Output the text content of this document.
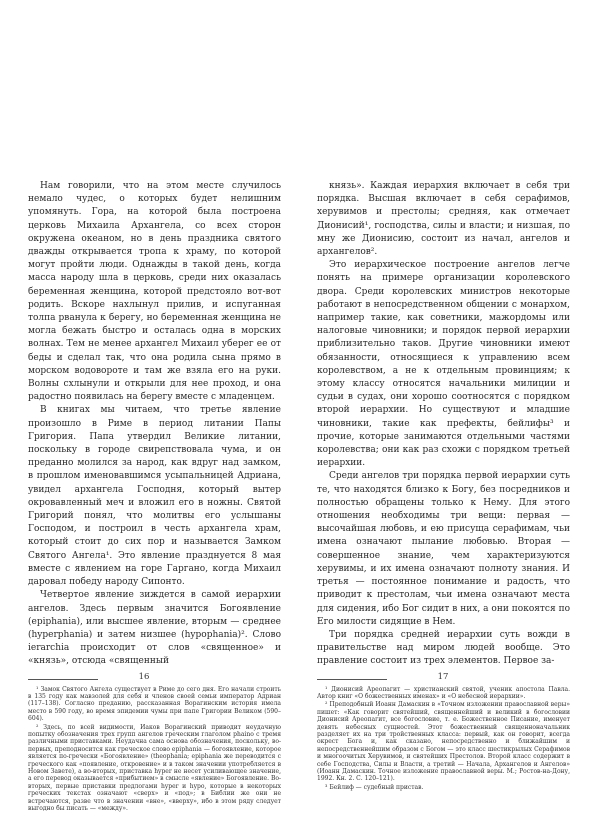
Нам говорили, что на этом месте случилось немало чудес, о которых будет нелишним упомянуть. Гора, на которой была построена церковь Михаила Архангела, со всех сторон окружена океаном, но в день праздника святого дважды открывается тропа к храму, по которой могут пройти люди. Однажды в такой день, когда масса народу шла в церковь, среди них оказалась беременная женщина, которой предстояло вот-вот родить. Вскоре нахлынул прилив, и испуганная толпа рванула к берегу, но беременная женщина не могла бежать быстро и осталась одна в морских волнах. Тем не менее архангел Михаил уберег ее от беды и сделал так, что она родила сына прямо в морском водовороте и там же взяла его на руки. Волны схлынули и открыли для нее проход, и она радостно появилась на берегу вместе с младенцем.

В книгах мы читаем, что третье явление произошло в Риме в период литании Папы Григория. Папа утвердил Великие литании, поскольку в городе свирепствовала чума, и он преданно молился за народ, как вдруг над замком, в прошлом именовавшимся усыпальницей Адриана, увидел архангела Господня, который вытер окровавленный меч и вложил его в ножны. Святой Григорий понял, что молитвы его услышаны Господом, и построил в честь архангела храм, который стоит до сих пор и называется Замком Святого Ангела¹. Это явление празднуется 8 мая вместе с явлением на горе Гаргано, когда Михаил даровал победу народу Сипонто.

Четвертое явление зиждется в самой иерархии ангелов. Здесь первым значится Богоявление (epiphania), или высшее явление, вторым — среднее (hyperphania) и затем низшее (hypophania)². Слово ierarchia происходит от слов «священное» и «князь», отсюда «священный

¹ Замок Святого Ангела существует в Риме до сего дня. Его начали строить в 135 году как мавзолей для себя и членов своей семьи император Адриан (117–138). Согласно преданию, рассказанная Ворагинским история имела место в 590 году, во время эпидемии чумы при папе Григории Великом (590–604).

² Здесь, по всей видимости, Иаков Ворагинский приводит неудачную попытку обозначения трех групп ангелов греческим глаголом phaino с тремя различными приставками. Неудачна сама основа обозначения, поскольку, во-первых, преподносится как греческое слово epiphania — богоявление, которое является по-гречески «Богоявление» (theophania; epiphania же переводится с греческого как «появление, откровение» и в таком значении употребляется в Новом Завете), а во-вторых, приставка hyper не несет усиливающее значение, а его перевод оказывается «прибытием» в смысле «явление» Богоявление. Во-вторых, первые приставки предлогами hyper и hypo, которые в некоторых греческих текстах означают «сверх» и «под»; в Библии же они не встречаются, разве что в значении «вне», «вверху», ибо в этом ряду следует выгодно бы писать — «между».

князь». Каждая иерархия включает в себя три порядка. Высшая включает в себя серафимов, херувимов и престолы; средняя, как отмечает Дионисий¹, господства, силы и власти; и низшая, по мну же Дионисию, состоит из начал, ангелов и архангелов².

Это иерархическое построение ангелов легче понять на примере организации королевского двора. Среди королевских министров некоторые работают в непосредственном общении с монархом, например такие, как советники, мажордомы или налоговые чиновники; и порядок первой иерархии приблизительно таков. Другие чиновники имеют обязанности, относящиеся к управлению всем королевством, а не к отдельным провинциям; к этому классу относятся начальники милиции и судьи в судах, они хорошо соотносятся с порядком второй иерархии. Но существуют и младшие чиновники, такие как префекты, бейлифы³ и прочие, которые занимаются отдельными частями королевства; они как раз схожи с порядком третьей иерархии.

Среди ангелов три порядка первой иерархии суть те, что находятся близко к Богу, без посредников и полностью обращены только к Нему. Для этого отношения необходимы три вещи: первая — высочайшая любовь, и ею присуща серафимам, чьи имена означают пылание любовью. Вторая — совершенное знание, чем характеризуются херувимы, и их имена означают полноту знания. И третья — постоянное понимание и радость, что приводит к престолам, чьи имена означают места для сидения, ибо Бог сидит в них, а они покоятся по Его милости сидящие в Нем.

Три порядка средней иерархии суть вожди в правительстве над миром людей вообще. Это правление состоит из трех элементов. Первое за-

¹ Дионисий Ареопагит — христианский святой, ученик апостола Павла. Автор книг «О божественных именах» и «О небесной иерархии».

² Преподобный Иоанн Дамаскин в «Точном изложении православной веры» пишет: «Как говорит святейший, священнейший и великий в богословии Дионисий Ареопагит, все богословие, т. е. Божественное Писание, именует девять небесных сущностей. Этот божественный священноначальник разделяет их на три тройственных класса: первый, как он говорит, всегда окрест Бога и, как сказано, непосредственно и ближайшим и непосредственнейшим образом с Богом — это класс шестикрылых Серафимов и многоочитых Херувимов, и святейших Престолов. Второй класс содержит в себе Господства, Силы и Власти, а третий — Начала, Архангелов и Ангелов» (Иоанн Дамаскин. Точное изложение православной веры. М.; Ростов-на-Дону, 1992. Кн. 2. С. 120–121).

³ Бейлиф — судебный пристав.

16	17
